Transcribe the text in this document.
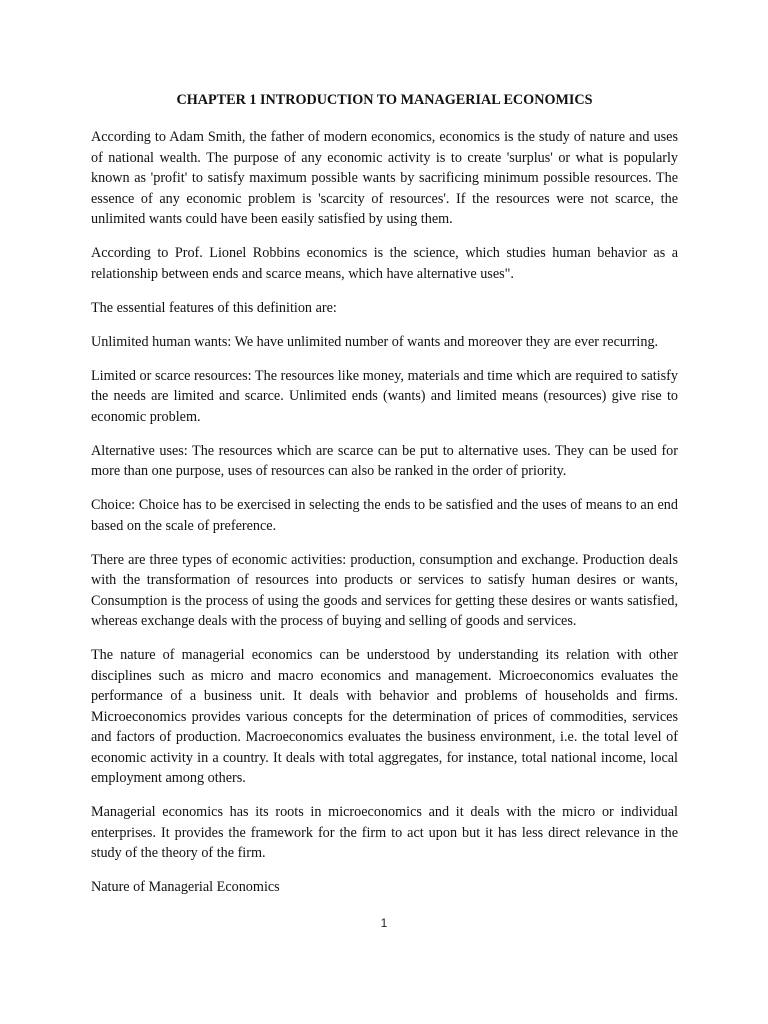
CHAPTER 1 INTRODUCTION TO MANAGERIAL ECONOMICS

According to Adam Smith, the father of modern economics, economics is the study of nature and uses of national wealth. The purpose of any economic activity is to create 'surplus' or what is popularly known as 'profit' to satisfy maximum possible wants by sacrificing minimum possible resources. The essence of any economic problem is 'scarcity of resources'. If the resources were not scarce, the unlimited wants could have been easily satisfied by using them.

According to Prof. Lionel Robbins economics is the science, which studies human behavior as a relationship between ends and scarce means, which have alternative uses".

The essential features of this definition are:

Unlimited human wants: We have unlimited number of wants and moreover they are ever recurring.

Limited or scarce resources: The resources like money, materials and time which are required to satisfy the needs are limited and scarce. Unlimited ends (wants) and limited means (resources) give rise to economic problem.

Alternative uses: The resources which are scarce can be put to alternative uses. They can be used for more than one purpose, uses of resources can also be ranked in the order of priority.

Choice: Choice has to be exercised in selecting the ends to be satisfied and the uses of means to an end based on the scale of preference.

There are three types of economic activities: production, consumption and exchange. Production deals with the transformation of resources into products or services to satisfy human desires or wants, Consumption is the process of using the goods and services for getting these desires or wants satisfied, whereas exchange deals with the process of buying and selling of goods and services.

The nature of managerial economics can be understood by understanding its relation with other disciplines such as micro and macro economics and management. Microeconomics evaluates the performance of a business unit. It deals with behavior and problems of households and firms. Microeconomics provides various concepts for the determination of prices of commodities, services and factors of production. Macroeconomics evaluates the business environment, i.e. the total level of economic activity in a country. It deals with total aggregates, for instance, total national income, local employment among others.

Managerial economics has its roots in microeconomics and it deals with the micro or individual enterprises. It provides the framework for the firm to act upon but it has less direct relevance in the study of the theory of the firm.

Nature of Managerial Economics

1
